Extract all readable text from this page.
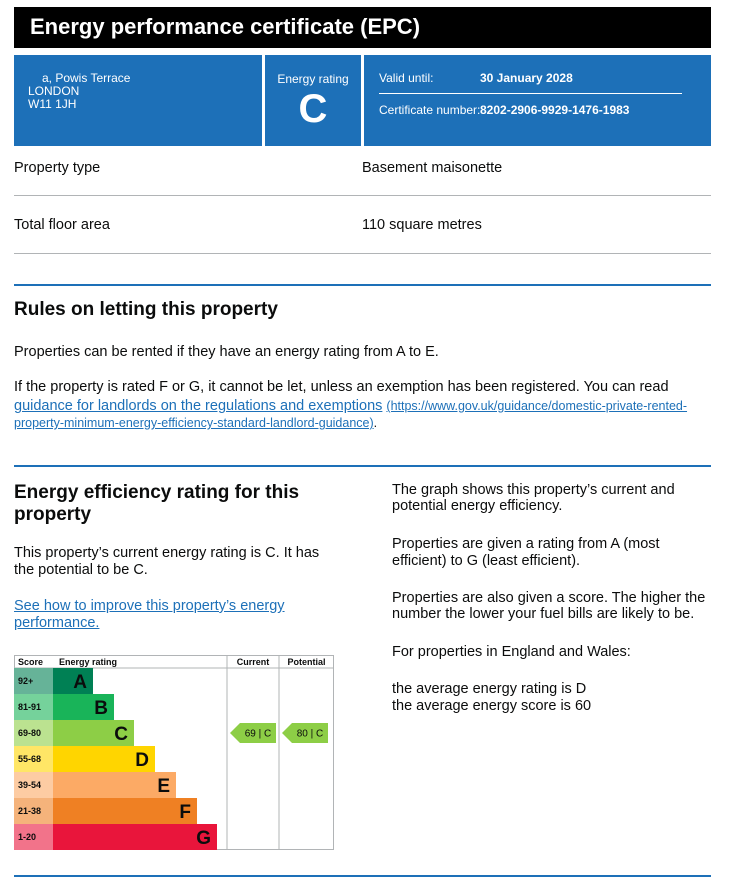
Energy performance certificate (EPC)
a, Powis Terrace
LONDON
W11 1JH
Energy rating
C
Valid until:	30 January 2028
Certificate number: 8202-2906-9929-1476-1983
Property type	Basement maisonette
Total floor area	110 square metres
Rules on letting this property
Properties can be rented if they have an energy rating from A to E.
If the property is rated F or G, it cannot be let, unless an exemption has been registered. You can read
guidance for landlords on the regulations and exemptions (https://www.gov.uk/guidance/domestic-private-rented-
property-minimum-energy-efficiency-standard-landlord-guidance).
Energy efficiency rating for this
property
This property’s current energy rating is C. It has
the potential to be C.
See how to improve this property’s energy
performance.
The graph shows this property’s current and
potential energy efficiency.
Properties are given a rating from A (most
efficient) to G (least efficient).
Properties are also given a score. The higher the
number the lower your fuel bills are likely to be.
For properties in England and Wales:
the average energy rating is D
the average energy score is 60
Score Energy rating	Current Potential
92+ A
81-91	B
69-80	C
55-68	D
39-54	E
21-38	F
1-20	G
69 | C	80 | C
